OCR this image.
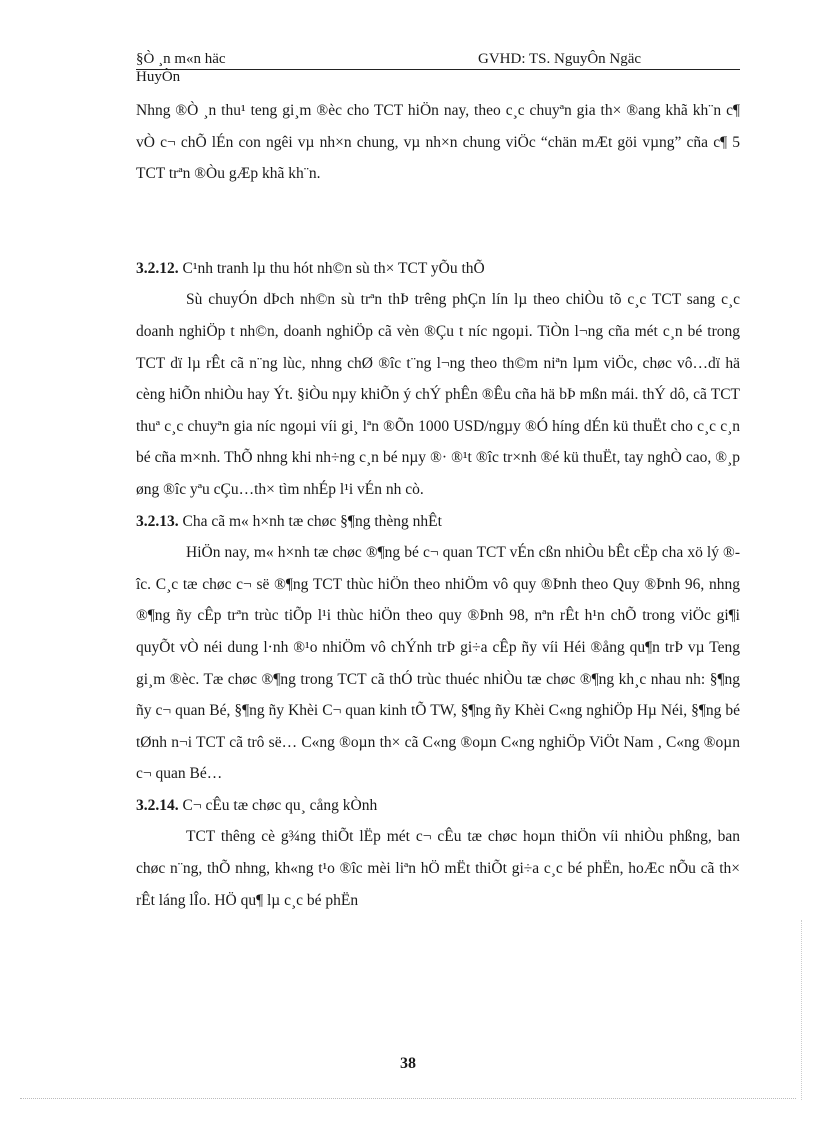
§Ò ¸n m«n häc	GVHD: TS. NguyÔn Ngäc
HuyÒn

Nhng ®Ò ¸n thu¹ teng gi¸m ®èc cho TCT hiÖn nay, theo c¸c chuyªn gia th× ®ang khã kh¨n c¶ vÒ c¬ chÕ lÉn con ngêi vµ nh×n chung, vµ nh×n chung viÖc “chän mÆt göi vµng” cña c¶ 5 TCT trªn ®Òu gÆp khã kh¨n.

3.2.12. C¹nh tranh lµ thu hót nh©n sù th× TCT yÕu thÕ

Sù chuyÓn dÞch nh©n sù trªn thÞ trêng phÇn lín lµ theo chiÒu tõ c¸c TCT sang c¸c doanh nghiÖp t nh©n, doanh nghiÖp cã vèn ®Çu t níc ngoµi. TiÒn l¬ng cña mét c¸n bé trong TCT dï lµ rÊt cã n¨ng lùc, nhng chØ ®îc t¨ng l¬ng theo th©m niªn lµm viÖc, chøc vô…dï hä cèng hiÕn nhiÒu hay Ýt. §iÒu nµy khiÕn ý chÝ phÊn ®Êu cña hä bÞ mßn mái. thÝ dô, cã TCT thuª c¸c chuyªn gia níc ngoµi víi gi¸ lªn ®Õn 1000 USD/ngµy ®Ó híng dÉn kü thuËt cho c¸c c¸n bé cña m×nh. ThÕ nhng khi nh÷ng c¸n bé nµy ®· ®¹t ®îc tr×nh ®é kü thuËt, tay nghÒ cao, ®¸p øng ®îc yªu cÇu…th× tìm nhÉp l¹i vÉn nh cò.

3.2.13. Cha cã m« h×nh tæ chøc §¶ng thèng nhÊt

HiÖn nay, m« h×nh tæ chøc ®¶ng bé c¬ quan TCT vÉn cßn nhiÒu bÊt cËp cha xö lý ®îc. C¸c tæ chøc c¬ së ®¶ng TCT thùc hiÖn theo nhiÖm vô quy ®Þnh theo Quy ®Þnh 96, nhng ®¶ng ñy cÊp trªn trùc tiÕp l¹i thùc hiÖn theo quy ®Þnh 98, nªn rÊt h¹n chÕ trong viÖc gi¶i quyÕt vÒ néi dung l·nh ®¹o nhiÖm vô chÝnh trÞ gi÷a cÊp ñy víi Héi ®ång qu¶n trÞ vµ Teng gi¸m ®èc. Tæ chøc ®¶ng trong TCT cã thÓ trùc thuéc nhiÒu tæ chøc ®¶ng kh¸c nhau nh: §¶ng ñy c¬ quan Bé, §¶ng ñy Khèi C¬ quan kinh tÕ TW, §¶ng ñy Khèi C«ng nghiÖp Hµ Néi, §¶ng bé tØnh n¬i TCT cã trô së… C«ng ®oµn th× cã C«ng ®oµn C«ng nghiÖp ViÖt Nam , C«ng ®oµn c¬ quan Bé…

3.2.14. C¬ cÊu tæ chøc qu¸ cång kÒnh

TCT thêng cè g¾ng thiÕt lËp mét c¬ cÊu tæ chøc hoµn thiÖn víi nhiÒu phßng, ban chøc n¨ng, thÕ nhng, kh«ng t¹o ®îc mèi liªn hÖ mËt thiÕt gi÷a c¸c bé phËn, hoÆc nÕu cã th× rÊt láng lÎo. HÖ qu¶ lµ c¸c bé phËn

38
